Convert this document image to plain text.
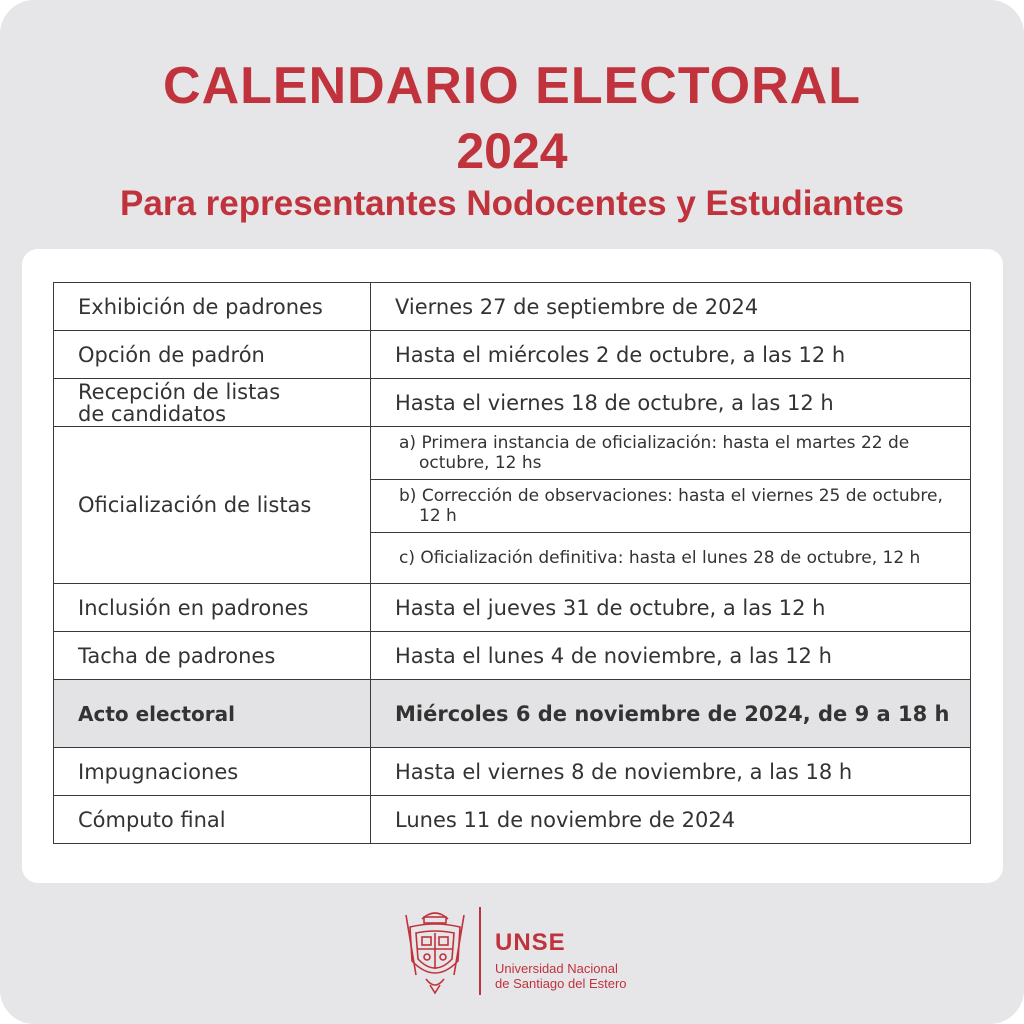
CALENDARIO ELECTORAL
2024
Para representantes Nodocentes y Estudiantes
Exhibición de padrones	Viernes 27 de septiembre de 2024
Opción de padrón	Hasta el miércoles 2 de octubre, a las 12 h
Recepción de listas de candidatos	Hasta el viernes 18 de octubre, a las 12 h
Oficialización de listas	a) Primera instancia de oficialización: hasta el martes 22 de octubre, 12 hs

	b) Corrección de observaciones: hasta el viernes 25 de octubre, 12 h

	c) Oficialización definitiva: hasta el lunes 28 de octubre, 12 h

Inclusión en padrones	Hasta el jueves 31 de octubre, a las 12 h
Tacha de padrones	Hasta el lunes 4 de noviembre, a las 12 h
Acto electoral	Miércoles 6 de noviembre de 2024, de 9 a 18 h
Impugnaciones	Hasta el viernes 8 de noviembre, a las 18 h
Cómputo final	Lunes 11 de noviembre de 2024
UNSE
Universidad Nacional
de Santiago del Estero
